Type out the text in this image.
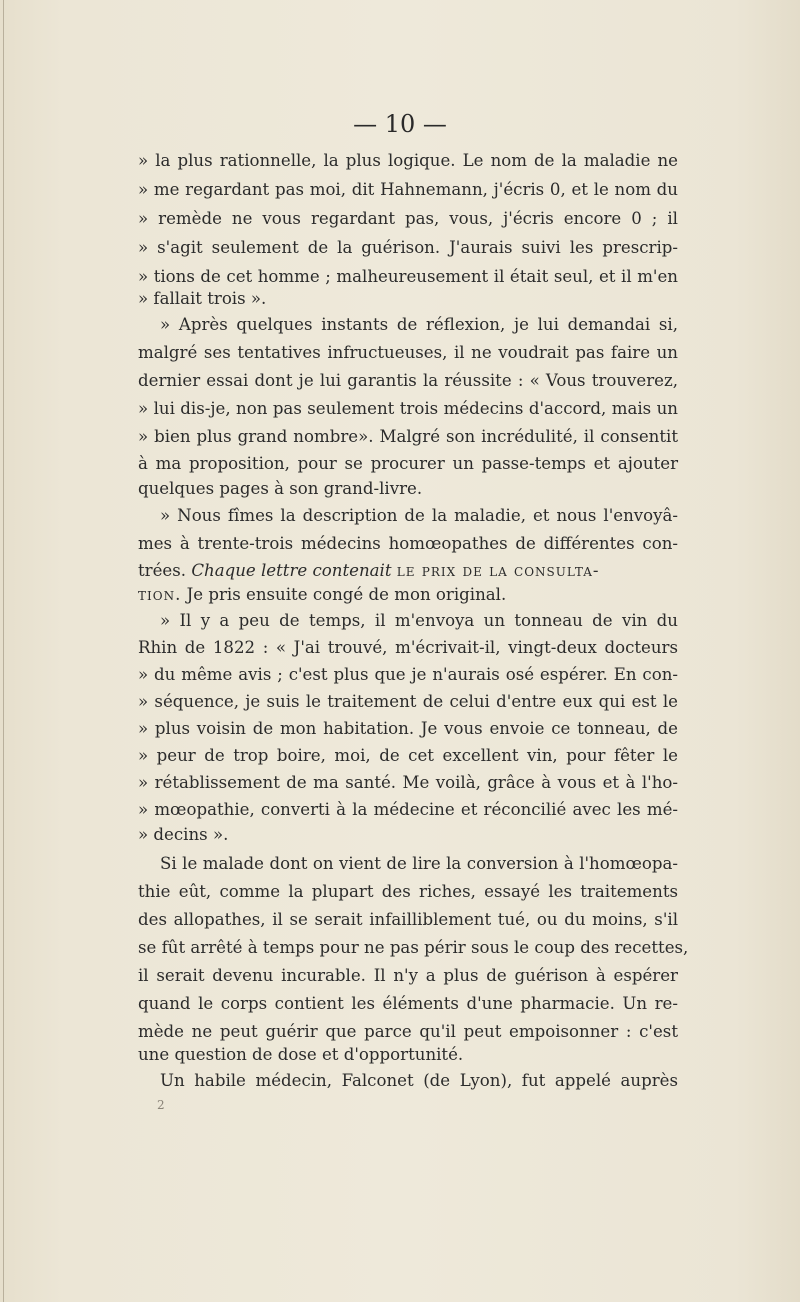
— 10 —
» la plus rationnelle, la plus logique. Le nom de la maladie ne
» me regardant pas moi, dit Hahnemann, j'écris 0, et le nom du
» remède ne vous regardant pas, vous, j'écris encore 0 ; il
» s'agit seulement de la guérison. J'aurais suivi les prescrip-
» tions de cet homme ; malheureusement il était seul, et il m'en
» fallait trois ».
» Après quelques instants de réflexion, je lui demandai si,
malgré ses tentatives infructueuses, il ne voudrait pas faire un
dernier essai dont je lui garantis la réussite : « Vous trouverez,
» lui dis-je, non pas seulement trois médecins d'accord, mais un
» bien plus grand nombre». Malgré son incrédulité, il consentit
à ma proposition, pour se procurer un passe-temps et ajouter
quelques pages à son grand-livre.
» Nous fîmes la description de la maladie, et nous l'envoyâ-
mes à trente-trois médecins homœopathes de différentes con-
trées. Chaque lettre contenait le prix de la consulta-
tion. Je pris ensuite congé de mon original.
» Il y a peu de temps, il m'envoya un tonneau de vin du
Rhin de 1822 : « J'ai trouvé, m'écrivait-il, vingt-deux docteurs
» du même avis ; c'est plus que je n'aurais osé espérer. En con-
» séquence, je suis le traitement de celui d'entre eux qui est le
» plus voisin de mon habitation. Je vous envoie ce tonneau, de
» peur de trop boire, moi, de cet excellent vin, pour fêter le
» rétablissement de ma santé. Me voilà, grâce à vous et à l'ho-
» mœopathie, converti à la médecine et réconcilié avec les mé-
» decins ».
Si le malade dont on vient de lire la conversion à l'homœopa-
thie eût, comme la plupart des riches, essayé les traitements
des allopathes, il se serait infailliblement tué, ou du moins, s'il
se fût arrêté à temps pour ne pas périr sous le coup des recettes,
il serait devenu incurable. Il n'y a plus de guérison à espérer
quand le corps contient les éléments d'une pharmacie. Un re-
mède ne peut guérir que parce qu'il peut empoisonner : c'est
une question de dose et d'opportunité.
Un habile médecin, Falconet (de Lyon), fut appelé auprès
2
